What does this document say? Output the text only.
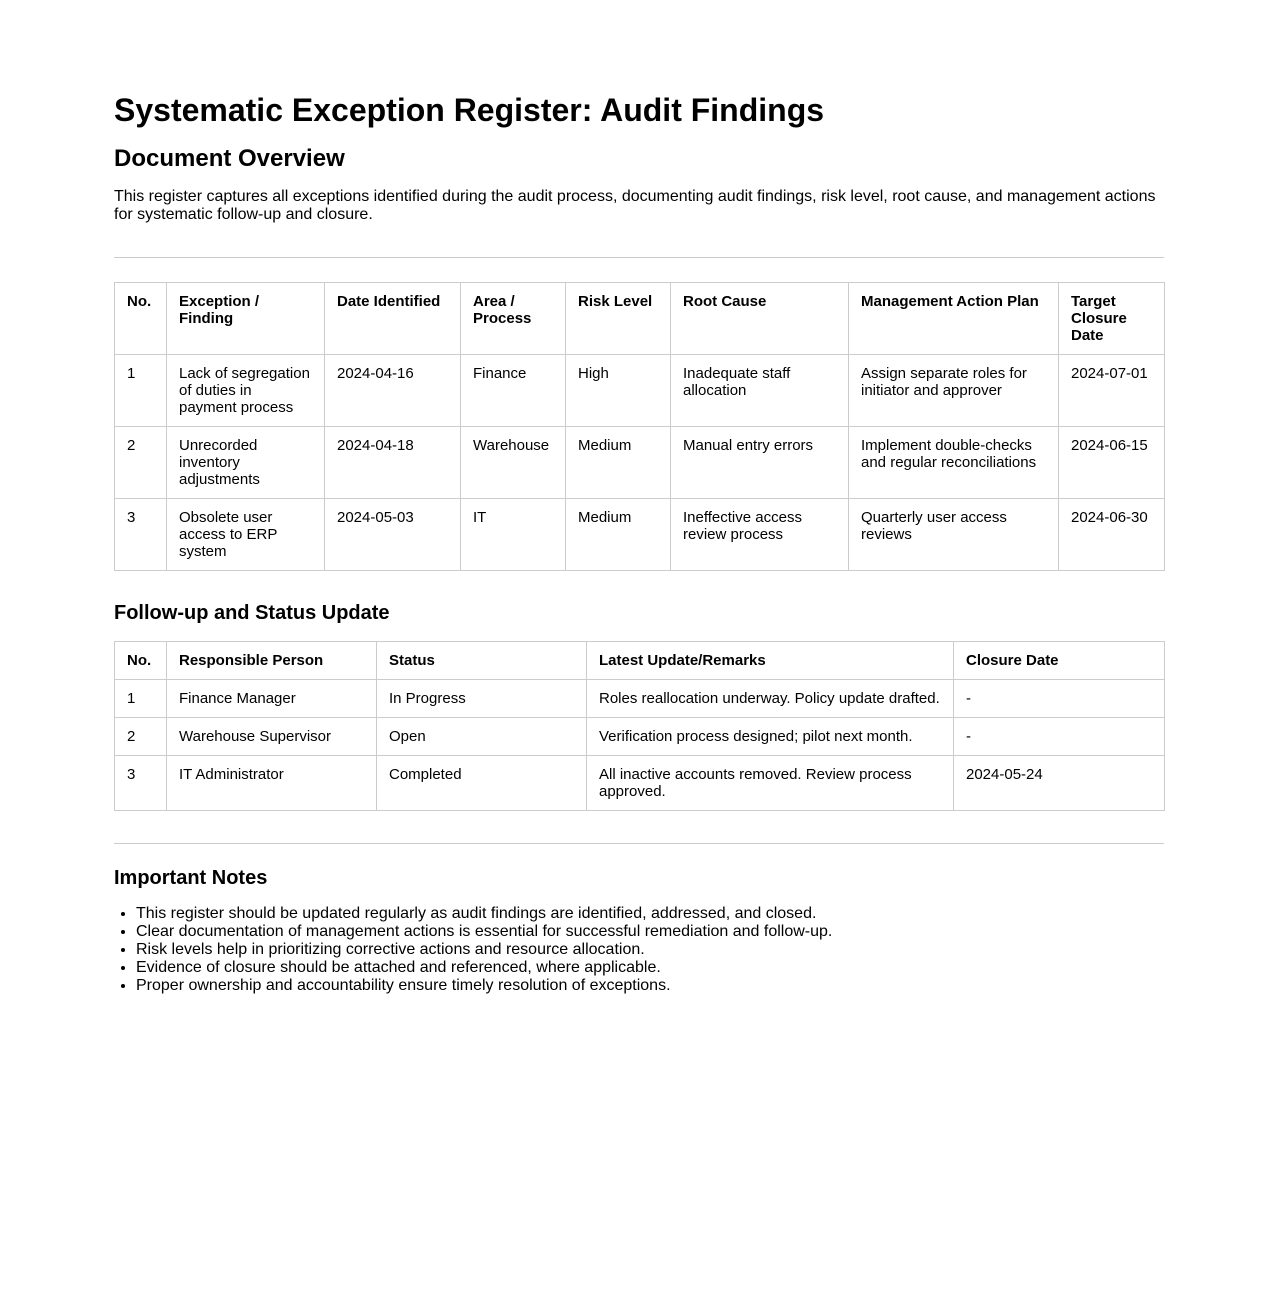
Systematic Exception Register: Audit Findings
Document Overview

This register captures all exceptions identified during the audit process, documenting audit findings, risk level, root cause, and management actions for systematic follow-up and closure.

No.	Exception / Finding	Date Identified	Area / Process	Risk Level	Root Cause	Management Action Plan	Target Closure Date
1	Lack of segregation of duties in payment process	2024-04-16	Finance	High	Inadequate staff allocation	Assign separate roles for initiator and approver	2024-07-01
2	Unrecorded inventory adjustments	2024-04-18	Warehouse	Medium	Manual entry errors	Implement double-checks and regular reconciliations	2024-06-15
3	Obsolete user access to ERP system	2024-05-03	IT	Medium	Ineffective access review process	Quarterly user access reviews	2024-06-30
Follow-up and Status Update
No.	Responsible Person	Status	Latest Update/Remarks	Closure Date
1	Finance Manager	In Progress	Roles reallocation underway. Policy update drafted.	-
2	Warehouse Supervisor	Open	Verification process designed; pilot next month.	-
3	IT Administrator	Completed	All inactive accounts removed. Review process approved.	2024-05-24
Important Notes
• This register should be updated regularly as audit findings are identified, addressed, and closed.
• Clear documentation of management actions is essential for successful remediation and follow-up.
• Risk levels help in prioritizing corrective actions and resource allocation.
• Evidence of closure should be attached and referenced, where applicable.
• Proper ownership and accountability ensure timely resolution of exceptions.
